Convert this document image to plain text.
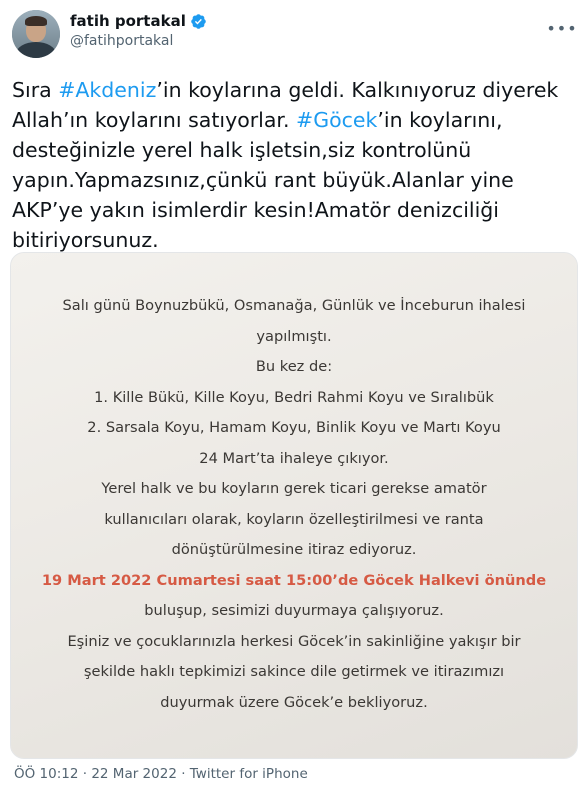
fatih portakal
@fatihportakal
•••
Sıra #Akdeniz’in koylarına geldi. Kalkınıyoruz diyerek Allah’ın koylarını satıyorlar. #Göcek’in koylarını, desteğinizle yerel halk işletsin,siz kontrolünü yapın.Yapmazsınız,çünkü rant büyük.Alanlar yine AKP’ye yakın isimlerdir kesin!Amatör denizciliği bitiriyorsunuz.
Salı günü Boynuzbükü, Osmanağa, Günlük ve İnceburun ihalesi
yapılmıştı.
Bu kez de:
1. Kille Bükü, Kille Koyu, Bedri Rahmi Koyu ve Sıralıbük
2. Sarsala Koyu, Hamam Koyu, Binlik Koyu ve Martı Koyu
24 Mart’ta ihaleye çıkıyor.
Yerel halk ve bu koyların gerek ticari gerekse amatör
kullanıcıları olarak, koyların özelleştirilmesi ve ranta
dönüştürülmesine itiraz ediyoruz.
19 Mart 2022 Cumartesi saat 15:00’de Göcek Halkevi önünde
buluşup, sesimizi duyurmaya çalışıyoruz.
Eşiniz ve çocuklarınızla herkesi Göcek’in sakinliğine yakışır bir
şekilde haklı tepkimizi sakince dile getirmek ve itirazımızı
duyurmak üzere Göcek’e bekliyoruz.
ÖÖ 10:12 · 22 Mar 2022 · Twitter for iPhone
